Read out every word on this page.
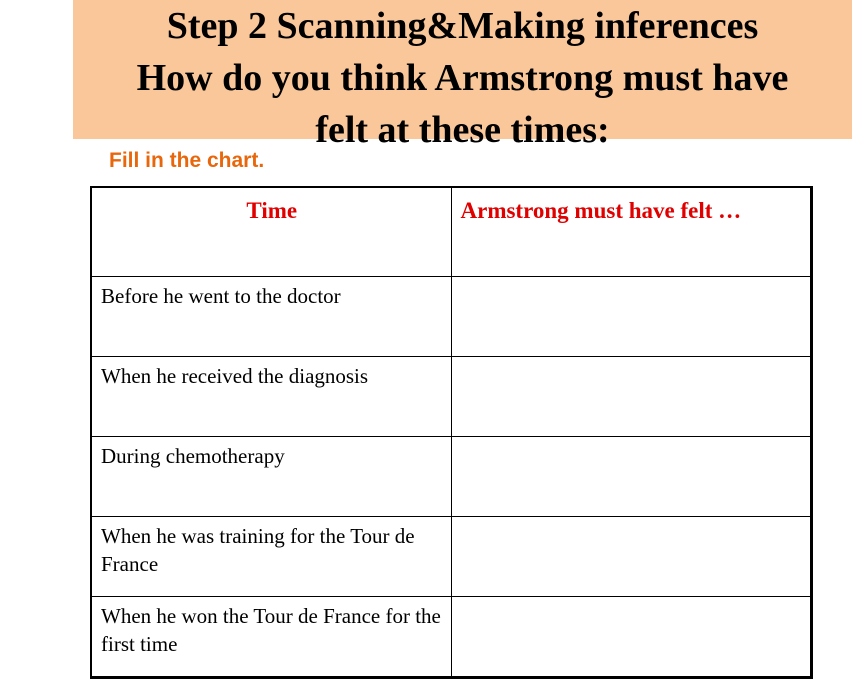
Step 2 Scanning&Making inferences
How do you think Armstrong must have
felt at these times:

Fill in the chart.

Time	Armstrong must have felt …
Before he went to the doctor	
When he received the diagnosis	
During chemotherapy	
When he was training for the Tour de France	
When he won the Tour de France for the first time	
